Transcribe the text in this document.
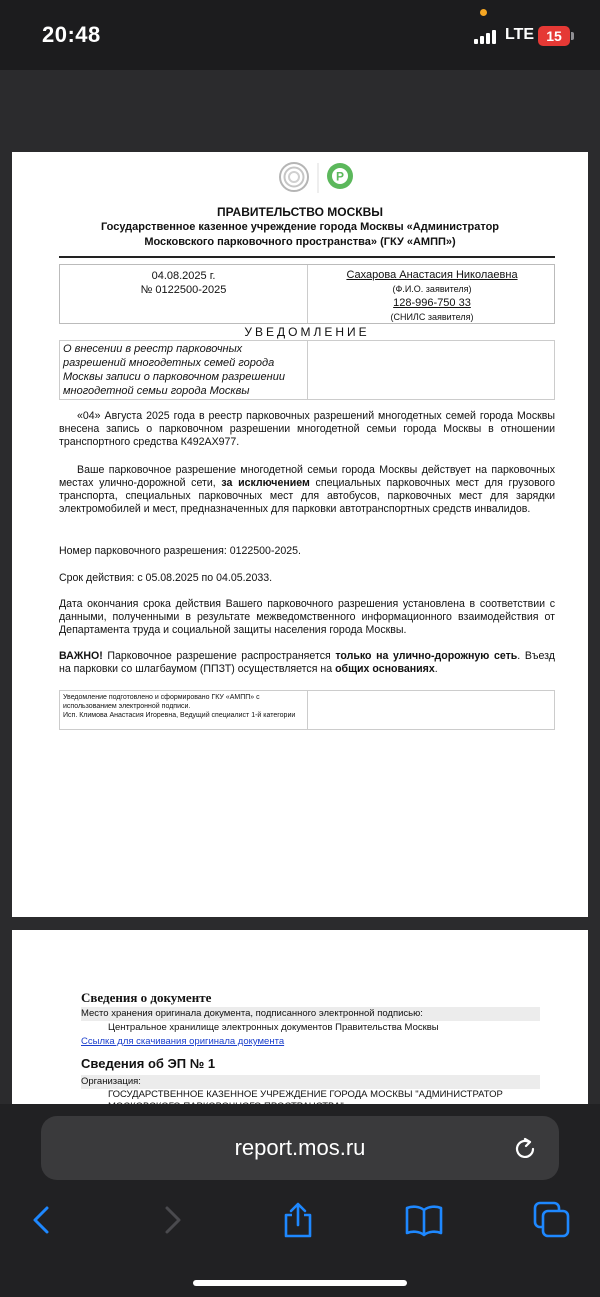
20:48	LTE 15
P
ПРАВИТЕЛЬСТВО МОСКВЫ
Государственное казенное учреждение города Москвы «Администратор Московского парковочного пространства» (ГКУ «АМПП»)
04.08.2025 г.
№ 0122500-2025
Сахарова Анастасия Николаевна
(Ф.И.О. заявителя)
128-996-750 33
(СНИЛС заявителя)
УВЕДОМЛЕНИЕ
О внесении в реестр парковочных разрешений многодетных семей города Москвы записи о парковочном разрешении многодетной семьи города Москвы
«04» Августа 2025 года в реестр парковочных разрешений многодетных семей города Москвы внесена запись о парковочном разрешении многодетной семьи города Москвы в отношении транспортного средства К492АХ977.
Ваше парковочное разрешение многодетной семьи города Москвы действует на парковочных местах улично-дорожной сети, за исключением специальных парковочных мест для грузового транспорта, специальных парковочных мест для автобусов, парковочных мест для зарядки электромобилей и мест, предназначенных для парковки автотранспортных средств инвалидов.
Номер парковочного разрешения: 0122500-2025.
Срок действия: с 05.08.2025 по 04.05.2033.
Дата окончания срока действия Вашего парковочного разрешения установлена в соответствии с данными, полученными в результате межведомственного информационного взаимодействия от Департамента труда и социальной защиты населения города Москвы.
ВАЖНО! Парковочное разрешение распространяется только на улично-дорожную сеть. Въезд на парковки со шлагбаумом (ППЗТ) осуществляется на общих основаниях.
Уведомление подготовлено и сформировано ГКУ «АМПП» с использованием электронной подписи.
Исп. Климова Анастасия Игоревна, Ведущий специалист 1-й категории
Сведения о документе
Место хранения оригинала документа, подписанного электронной подписью:
Центральное хранилище электронных документов Правительства Москвы
Ссылка для скачивания оригинала документа
Сведения об ЭП № 1
Организация:
ГОСУДАРСТВЕННОЕ КАЗЕННОЕ УЧРЕЖДЕНИЕ ГОРОДА МОСКВЫ "АДМИНИСТРАТОР
report.mos.ru
